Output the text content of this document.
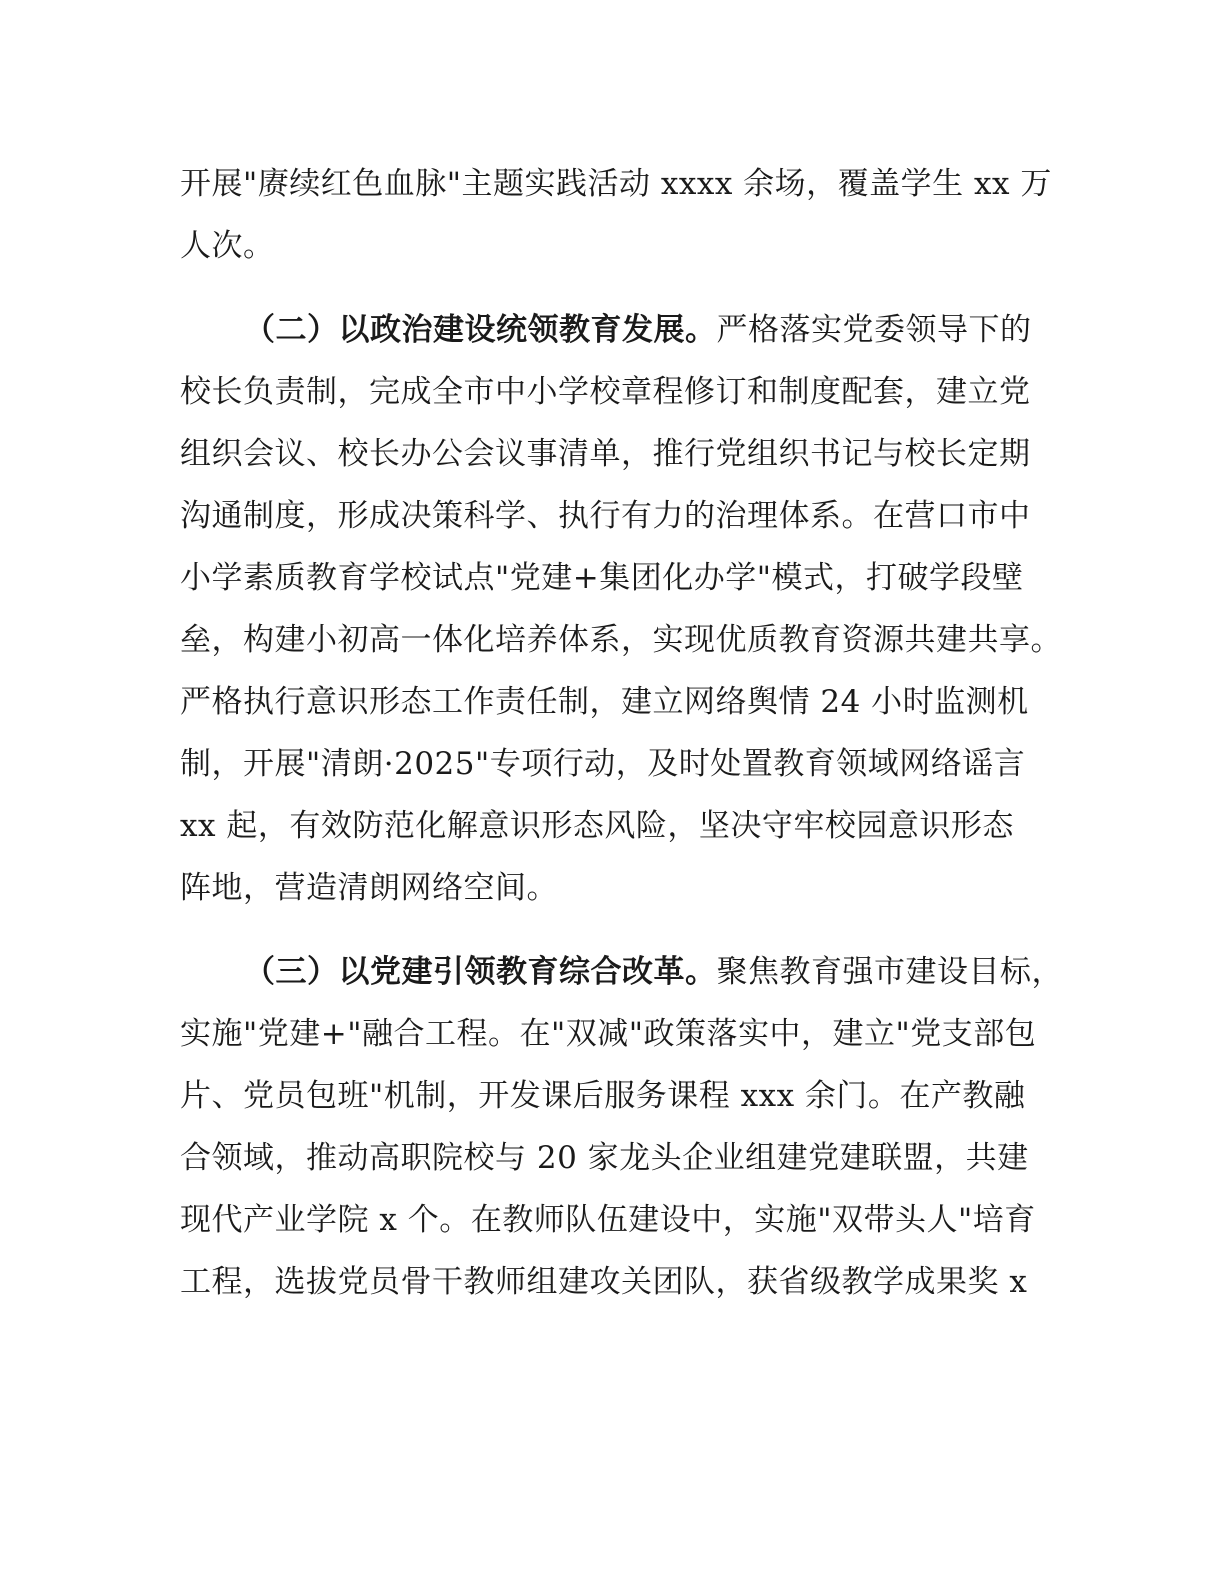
开展"赓续红色血脉"主题实践活动 xxxx 余场，覆盖学生 xx 万
人次。
（二）以政治建设统领教育发展。严格落实党委领导下的
校长负责制，完成全市中小学校章程修订和制度配套，建立党
组织会议、校长办公会议事清单，推行党组织书记与校长定期
沟通制度，形成决策科学、执行有力的治理体系。在营口市中
小学素质教育学校试点"党建+集团化办学"模式，打破学段壁
垒，构建小初高一体化培养体系，实现优质教育资源共建共享。
严格执行意识形态工作责任制，建立网络舆情 24 小时监测机
制，开展"清朗·2025"专项行动，及时处置教育领域网络谣言
xx 起，有效防范化解意识形态风险，坚决守牢校园意识形态
阵地，营造清朗网络空间。
（三）以党建引领教育综合改革。聚焦教育强市建设目标，
实施"党建+"融合工程。在"双减"政策落实中，建立"党支部包
片、党员包班"机制，开发课后服务课程 xxx 余门。在产教融
合领域，推动高职院校与 20 家龙头企业组建党建联盟，共建
现代产业学院 x 个。在教师队伍建设中，实施"双带头人"培育
工程，选拔党员骨干教师组建攻关团队，获省级教学成果奖 x
